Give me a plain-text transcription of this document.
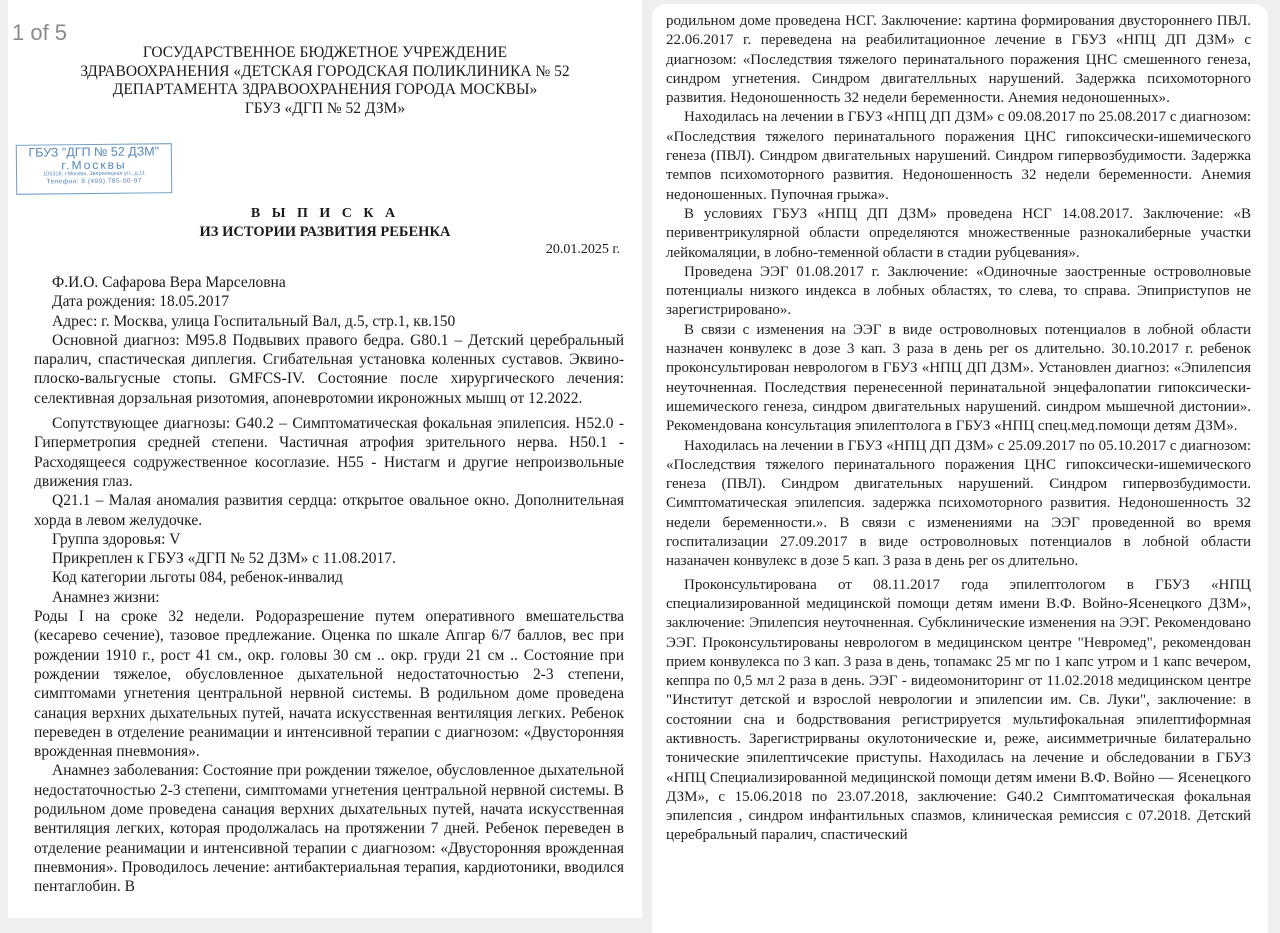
1 of 5
ГОСУДАРСТВЕННОЕ БЮДЖЕТНОЕ УЧРЕЖДЕНИЕ
ЗДРАВООХРАНЕНИЯ «ДЕТСКАЯ ГОРОДСКАЯ ПОЛИКЛИНИКА № 52
ДЕПАРТАМЕНТА ЗДРАВООХРАНЕНИЯ ГОРОДА МОСКВЫ»
ГБУЗ «ДГП № 52 ДЗМ»
ГБУЗ "ДГП № 52 ДЗМ"
г.Москвы
105318, г.Москва, Зверинецкая ул., д.11
Телефон: 8 (499) 785-00-97
В Ы П И С К А
ИЗ ИСТОРИИ РАЗВИТИЯ РЕБЕНКА
20.01.2025 г.

Ф.И.О. Сафарова Вера Марселовна

Дата рождения: 18.05.2017

Адрес: г. Москва, улица Госпитальный Вал, д.5, стр.1, кв.150

Основной диагноз: M95.8 Подвывих правого бедра. G80.1 – Детский церебральный паралич, спастическая диплегия. Сгибательная установка коленных суставов. Эквино-плоско-вальгусные стопы. GMFCS-IV. Состояние после хирургического лечения: селективная дорзальная ризотомия, апоневротомии икроножных мышц от 12.2022.

Сопутствующее диагнозы: G40.2 – Симптоматическая фокальная эпилепсия. H52.0 - Гиперметропия средней степени. Частичная атрофия зрительного нерва. H50.1 - Расходящееся содружественное косоглазие. H55 - Нистагм и другие непроизвольные движения глаз.

Q21.1 – Малая аномалия развития сердца: открытое овальное окно. Дополнительная хорда в левом желудочке.

Группа здоровья: V

Прикреплен к ГБУЗ «ДГП № 52 ДЗМ» с 11.08.2017.

Код категории льготы 084, ребенок-инвалид

Анамнез жизни:

Роды I на сроке 32 недели. Родоразрешение путем оперативного вмешательства (кесарево сечение), тазовое предлежание. Оценка по шкале Апгар 6/7 баллов, вес при рождении 1910 г., рост 41 см., окр. головы 30 см .. окр. груди 21 см .. Состояние при рождении тяжелое, обусловленное дыхательной недостаточностью 2-3 степени, симптомами угнетения центральной нервной системы. В родильном доме проведена санация верхних дыхательных путей, начата искусственная вентиляция легких. Ребенок переведен в отделение реанимации и интенсивной терапии с диагнозом: «Двусторонняя врожденная пневмония».

Анамнез заболевания: Состояние при рождении тяжелое, обусловленное дыхательной недостаточностью 2-3 степени, симптомами угнетения центральной нервной системы. В родильном доме проведена санация верхних дыхательных путей, начата искусственная вентиляция легких, которая продолжалась на протяжении 7 дней. Ребенок переведен в отделение реанимации и интенсивной терапии с диагнозом: «Двусторонняя врожденная пневмония». Проводилось лечение: антибактериальная терапия, кардиотоники, вводился пентаглобин. В

родильном доме проведена НСГ. Заключение: картина формирования двустороннего ПВЛ. 22.06.2017 г. переведена на реабилитационное лечение в ГБУЗ «НПЦ ДП ДЗМ» с диагнозом: «Последствия тяжелого перинатального поражения ЦНС смешенного генеза, синдром угнетения. Синдром двигателльных нарушений. Задержка психомоторного развития. Недоношенность 32 недели беременности. Анемия недоношенных».

Находилась на лечении в ГБУЗ «НПЦ ДП ДЗМ» с 09.08.2017 по 25.08.2017 с диагнозом: «Последствия тяжелого перинатального поражения ЦНС гипоксически-ишемического генеза (ПВЛ). Синдром двигательных нарушений. Синдром гипервозбудимости. Задержка темпов психомоторного развития. Недоношенность 32 недели беременности. Анемия недоношенных. Пупочная грыжа».

В условиях ГБУЗ «НПЦ ДП ДЗМ» проведена НСГ 14.08.2017. Заключение: «В перивентрикулярной области определяются множественные разнокалиберные участки лейкомаляции, в лобно-теменной области в стадии рубцевания».

Проведена ЭЭГ 01.08.2017 г. Заключение: «Одиночные заостренные островолновые потенциалы низкого индекса в лобных областях, то слева, то справа. Эпиприступов не зарегистрировано».

В связи с изменения на ЭЭГ в виде островолновых потенциалов в лобной области назначен конвулекс в дозе 3 кап. 3 раза в день per os длительно. 30.10.2017 г. ребенок проконсультирован неврологом в ГБУЗ «НПЦ ДП ДЗМ». Установлен диагноз: «Эпилепсия неуточненная. Последствия перенесенной перинатальной энцефалопатии гипоксически-ишемического генеза, синдром двигательных нарушений. синдром мышечной дистонии». Рекомендована консультация эпилептолога в ГБУЗ «НПЦ спец.мед.помощи детям ДЗМ».

Находилась на лечении в ГБУЗ «НПЦ ДП ДЗМ» с 25.09.2017 по 05.10.2017 с диагнозом: «Последствия тяжелого перинатального поражения ЦНС гипоксически-ишемического генеза (ПВЛ). Синдром двигательных нарушений. Синдром гипервозбудимости. Симптоматическая эпилепсия. задержка психомоторного развития. Недоношенность 32 недели беременности.». В связи с изменениями на ЭЭГ проведенной во время госпитализации 27.09.2017 в виде островолновых потенциалов в лобной области назаначен конвулекс в дозе 5 кап. 3 раза в день per os длительно.

Проконсультирована от 08.11.2017 года эпилептологом в ГБУЗ «НПЦ специализированной медицинской помощи детям имени В.Ф. Войно-Ясенецкого ДЗМ», заключение: Эпилепсия неуточненная. Субклинические изменения на ЭЭГ. Рекомендовано ЭЭГ. Проконсультированы неврологом в медицинском центре "Невромед", рекомендован прием конвулекса по 3 кап. 3 раза в день, топамакс 25 мг по 1 капс утром и 1 капс вечером, кеппра по 0,5 мл 2 раза в день. ЭЭГ - видеомониторинг от 11.02.2018 медицинском центре "Институт детской и взрослой неврологии и эпилепсии им. Св. Луки", заключение: в состоянии сна и бодрствования регистрируется мультифокальная эпилептиформная активность. Зарегистрирваны окулотонические и, реже, аисимметричные билатерально тонические эпилептичсекие приступы. Находилась на лечение и обследовании в ГБУЗ «НПЦ Специализированной медицинской помощи детям имени В.Ф. Войно — Ясенецкого ДЗМ», с 15.06.2018 по 23.07.2018, заключение: G40.2 Симптоматическая фокальная эпилепсия , синдром инфантильных спазмов, клиническая ремиссия с 07.2018. Детский церебральный паралич, спастический
